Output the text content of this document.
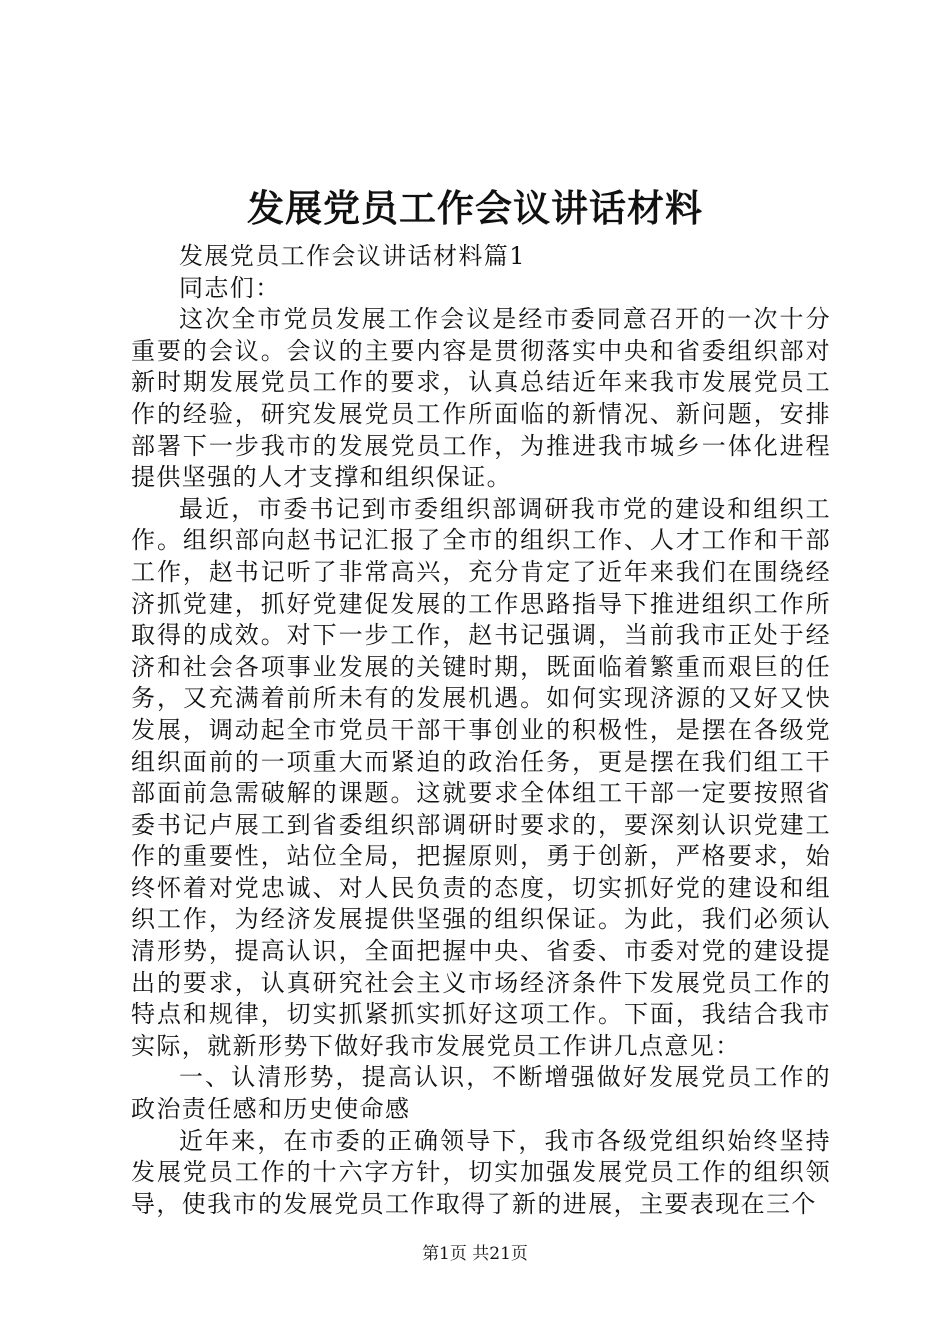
发展党员工作会议讲话材料

发展党员工作会议讲话材料篇1

同志们：

这次全市党员发展工作会议是经市委同意召开的一次十分重要的会议。会议的主要内容是贯彻落实中央和省委组织部对新时期发展党员工作的要求，认真总结近年来我市发展党员工作的经验，研究发展党员工作所面临的新情况、新问题，安排部署下一步我市的发展党员工作，为推进我市城乡一体化进程提供坚强的人才支撑和组织保证。

最近，市委书记到市委组织部调研我市党的建设和组织工作。组织部向赵书记汇报了全市的组织工作、人才工作和干部工作，赵书记听了非常高兴，充分肯定了近年来我们在围绕经济抓党建，抓好党建促发展的工作思路指导下推进组织工作所取得的成效。对下一步工作，赵书记强调，当前我市正处于经济和社会各项事业发展的关键时期，既面临着繁重而艰巨的任务，又充满着前所未有的发展机遇。如何实现济源的又好又快发展，调动起全市党员干部干事创业的积极性，是摆在各级党组织面前的一项重大而紧迫的政治任务，更是摆在我们组工干部面前急需破解的课题。这就要求全体组工干部一定要按照省委书记卢展工到省委组织部调研时要求的，要深刻认识党建工作的重要性，站位全局，把握原则，勇于创新，严格要求，始终怀着对党忠诚、对人民负责的态度，切实抓好党的建设和组织工作，为经济发展提供坚强的组织保证。为此，我们必须认清形势，提高认识，全面把握中央、省委、市委对党的建设提出的要求，认真研究社会主义市场经济条件下发展党员工作的特点和规律，切实抓紧抓实抓好这项工作。下面，我结合我市实际，就新形势下做好我市发展党员工作讲几点意见：

一、认清形势，提高认识，不断增强做好发展党员工作的政治责任感和历史使命感

近年来，在市委的正确领导下，我市各级党组织始终坚持发展党员工作的十六字方针，切实加强发展党员工作的组织领导，使我市的发展党员工作取得了新的进展，主要表现在三个

第1页 共21页
